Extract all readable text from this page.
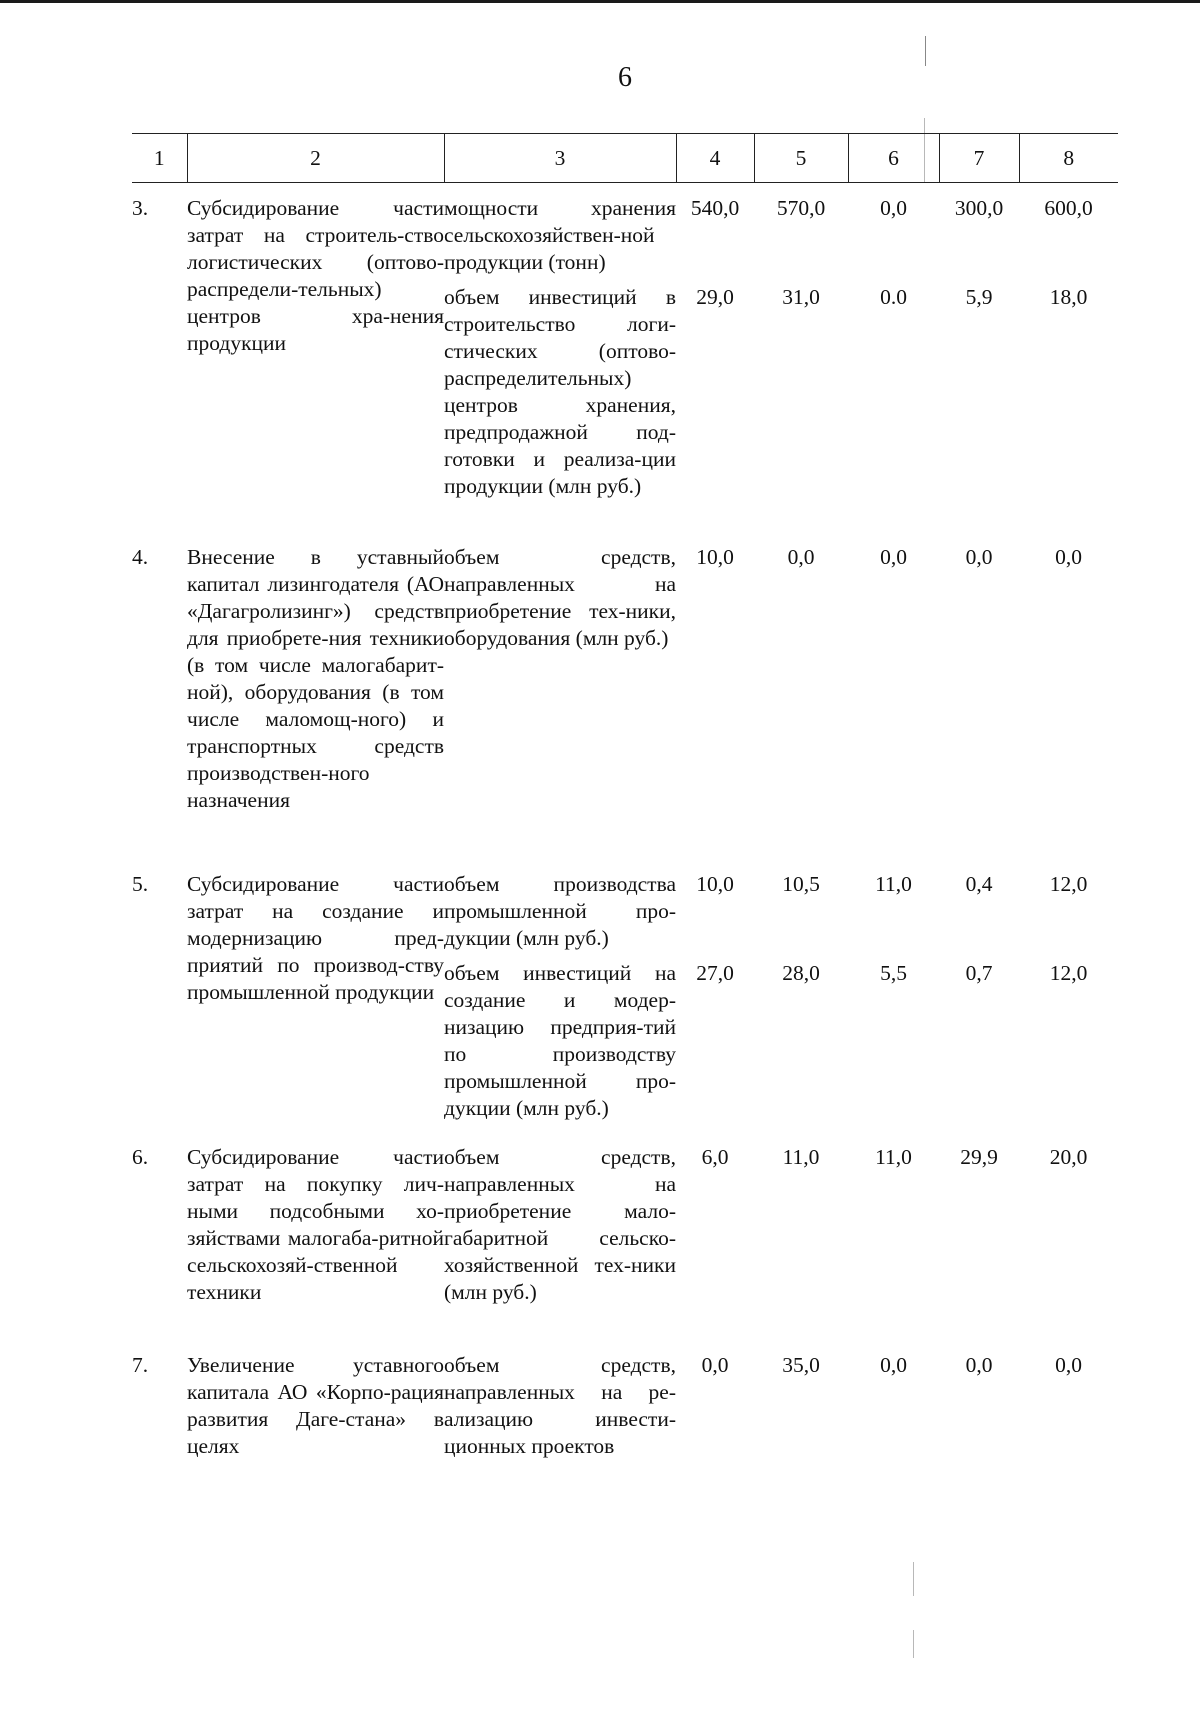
6
1	2	3	4	5	6	7	8
3.	Субсидирование части затрат на строитель-ство логистических (оптово-распредели-тельных) центров хра-нения продукции	мощности хранения сельскохозяйствен-ной продукции (тонн)	540,0	570,0	0,0	300,0	600,0
		объем инвестиций в строительство логи-стических (оптово-распределительных) центров хранения, предпродажной под-готовки и реализа-ции продукции (млн руб.)	29,0	31,0	0.0	5,9	18,0
4.	Внесение в уставный капитал лизингодателя (АО «Дагагролизинг») средств для приобрете-ния техники (в том числе малогабарит-ной), оборудования (в том числе маломощ-ного) и транспортных средств производствен-ного назначения	объем средств, направленных на приобретение тех-ники, оборудования (млн руб.)	10,0	0,0	0,0	0,0	0,0
5.	Субсидирование части затрат на создание и модернизацию пред-приятий по производ-ству промышленной продукции	объем производства промышленной про-дукции (млн руб.)	10,0	10,5	11,0	0,4	12,0
		объем инвестиций на создание и модер-низацию предприя-тий по производству промышленной про-дукции (млн руб.)	27,0	28,0	5,5	0,7	12,0
6.	Субсидирование части затрат на покупку лич-ными подсобными хо-зяйствами малогаба-ритной сельскохозяй-ственной техники	объем средств, направленных на приобретение мало-габаритной сельско-хозяйственной тех-ники (млн руб.)	6,0	11,0	11,0	29,9	20,0
7.	Увеличение уставного капитала АО «Корпо-рация развития Даге-стана» в целях	объем средств, направленных на ре-ализацию инвести-ционных проектов	0,0	35,0	0,0	0,0	0,0
